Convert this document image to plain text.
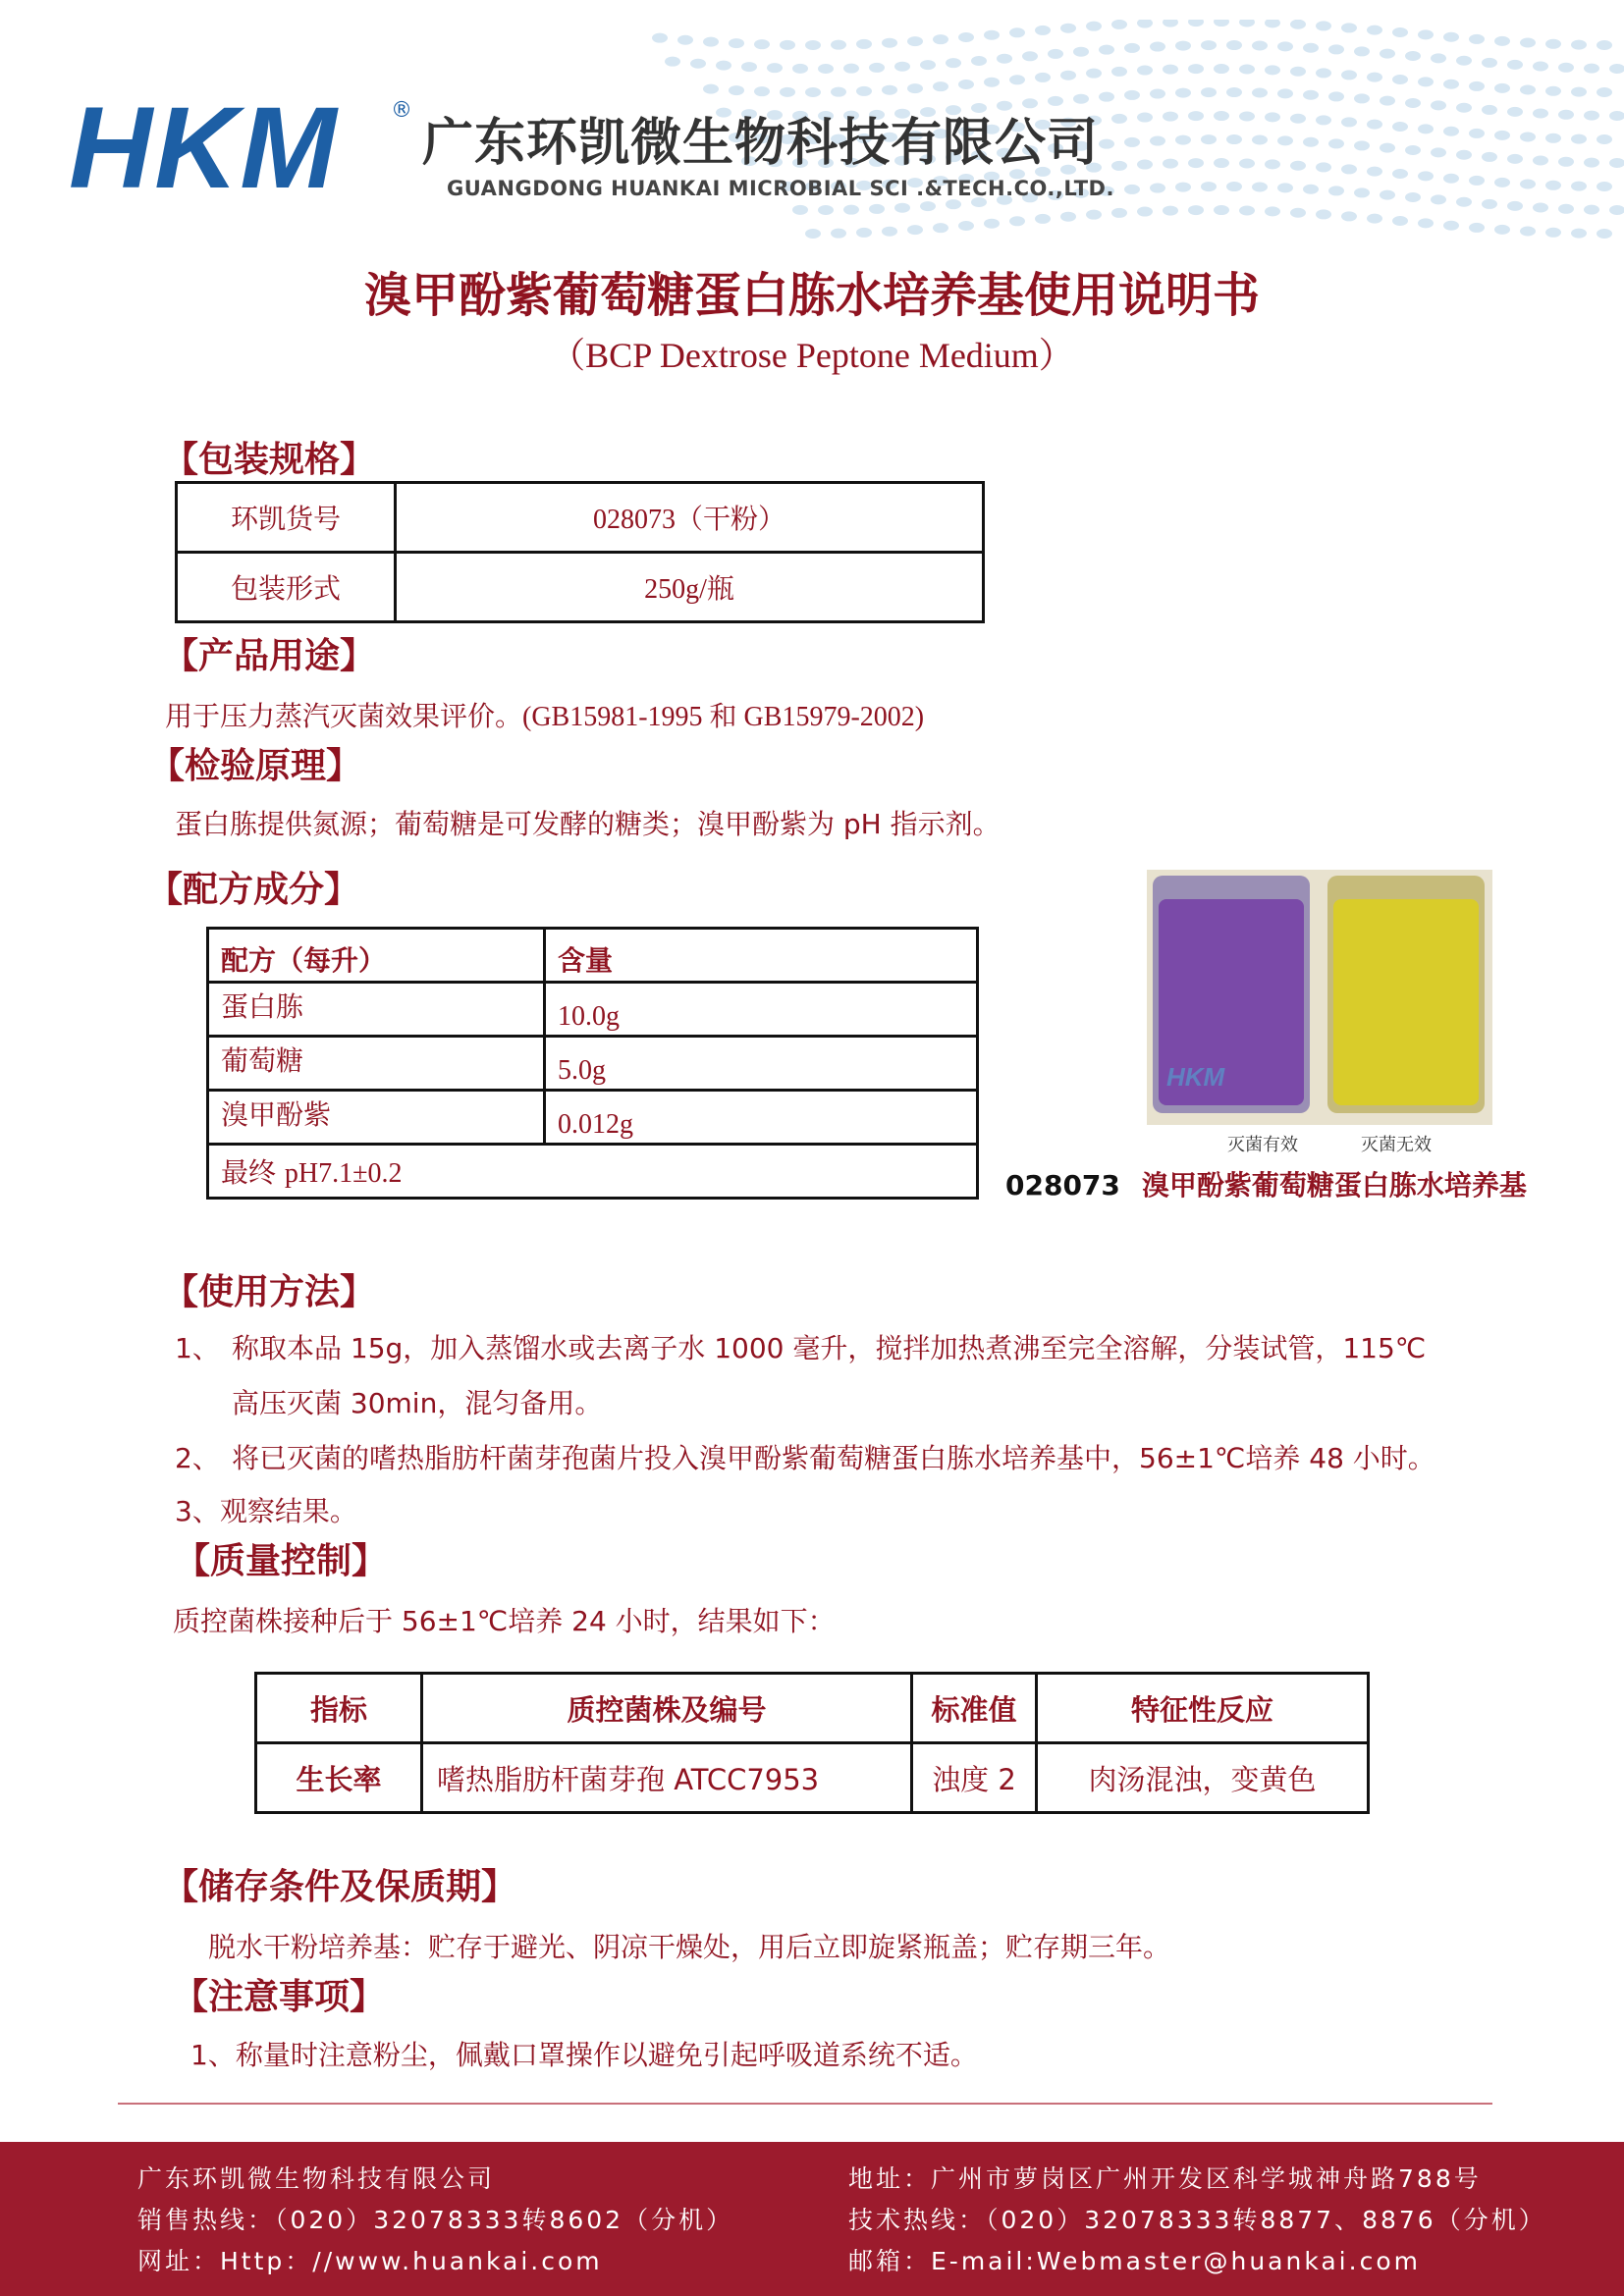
HKM ®
广东环凯微生物科技有限公司
GUANGDONG HUANKAI MICROBIAL SCI .&TECH.CO.,LTD.
溴甲酚紫葡萄糖蛋白胨水培养基使用说明书
（BCP Dextrose Peptone Medium）
【包装规格】
环凯货号	028073（干粉）
包装形式	250g/瓶
【产品用途】
用于压力蒸汽灭菌效果评价。(GB15981-1995 和 GB15979-2002)
【检验原理】
蛋白胨提供氮源；葡萄糖是可发酵的糖类；溴甲酚紫为 pH 指示剂。
【配方成分】
配方（每升）	含量
蛋白胨	10.0g
葡萄糖	5.0g
溴甲酚紫	0.012g
最终 pH7.1±0.2	
HKM
灭菌有效	灭菌无效
028073 溴甲酚紫葡萄糖蛋白胨水培养基
【使用方法】
1、 称取本品 15g，加入蒸馏水或去离子水 1000 毫升，搅拌加热煮沸至完全溶解，分装试管，115℃
高压灭菌 30min，混匀备用。
2、 将已灭菌的嗜热脂肪杆菌芽孢菌片投入溴甲酚紫葡萄糖蛋白胨水培养基中，56±1℃培养 48 小时。
3、观察结果。
【质量控制】
质控菌株接种后于 56±1℃培养 24 小时，结果如下：
指标	质控菌株及编号	标准值	特征性反应
生长率	嗜热脂肪杆菌芽孢 ATCC7953	浊度 2	肉汤混浊，变黄色
【储存条件及保质期】
脱水干粉培养基：贮存于避光、阴凉干燥处，用后立即旋紧瓶盖；贮存期三年。
【注意事项】
1、称量时注意粉尘，佩戴口罩操作以避免引起呼吸道系统不适。
广东环凯微生物科技有限公司
销售热线：（020）32078333转8602（分机）
网址：Http：//www.huankai.com
地址：广州市萝岗区广州开发区科学城神舟路788号
技术热线：（020）32078333转8877、8876（分机）
邮箱：E-mail:Webmaster@huankai.com
